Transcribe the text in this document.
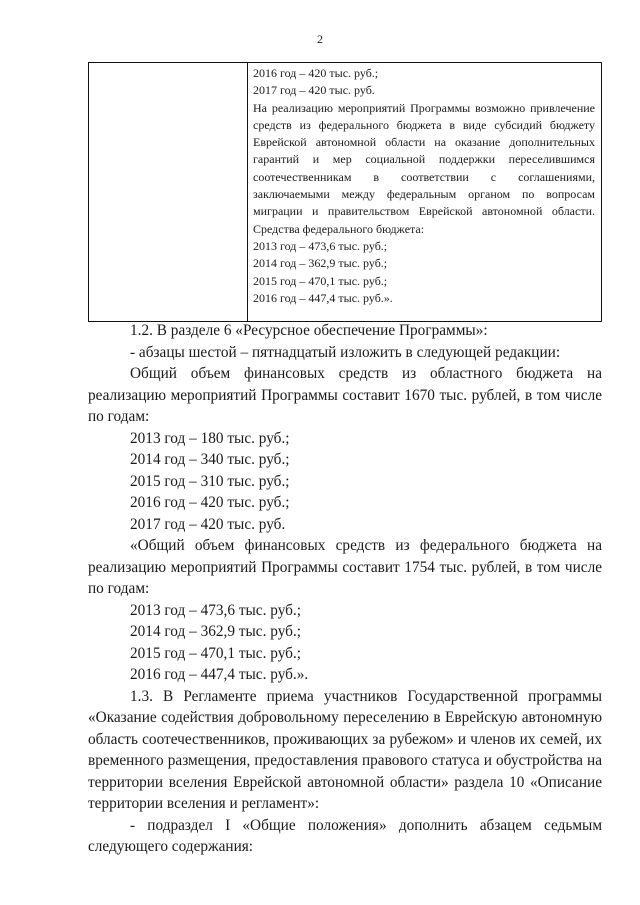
2
2016 год – 420 тыс. руб.;
2017 год – 420 тыс. руб.
На реализацию мероприятий Программы возможно привлечение средств из федерального бюджета в виде субсидий бюджету Еврейской автономной области на оказание дополнительных гарантий и мер социальной поддержки переселившимся соотечественникам в соответствии с соглашениями, заключаемыми между федеральным органом по вопросам миграции и правительством Еврейской автономной области. Средства федерального бюджета:
2013 год – 473,6 тыс. руб.;
2014 год – 362,9 тыс. руб.;
2015 год – 470,1 тыс. руб.;
2016 год – 447,4 тыс. руб.».

1.2. В разделе 6 «Ресурсное обеспечение Программы»:

- абзацы шестой – пятнадцатый изложить в следующей редакции:

Общий объем финансовых средств из областного бюджета на реализацию мероприятий Программы составит 1670 тыс. рублей, в том числе по годам:

2013 год – 180 тыс. руб.;

2014 год – 340 тыс. руб.;

2015 год – 310 тыс. руб.;

2016 год – 420 тыс. руб.;

2017 год – 420 тыс. руб.

«Общий объем финансовых средств из федерального бюджета на реализацию мероприятий Программы составит 1754 тыс. рублей, в том числе по годам:

2013 год – 473,6 тыс. руб.;

2014 год – 362,9 тыс. руб.;

2015 год – 470,1 тыс. руб.;

2016 год – 447,4 тыс. руб.».

1.3. В Регламенте приема участников Государственной программы «Оказание содействия добровольному переселению в Еврейскую автономную область соотечественников, проживающих за рубежом» и членов их семей, их временного размещения, предоставления правового статуса и обустройства на территории вселения Еврейской автономной области» раздела 10 «Описание территории вселения и регламент»:

- подраздел I «Общие положения» дополнить абзацем седьмым следующего содержания:
